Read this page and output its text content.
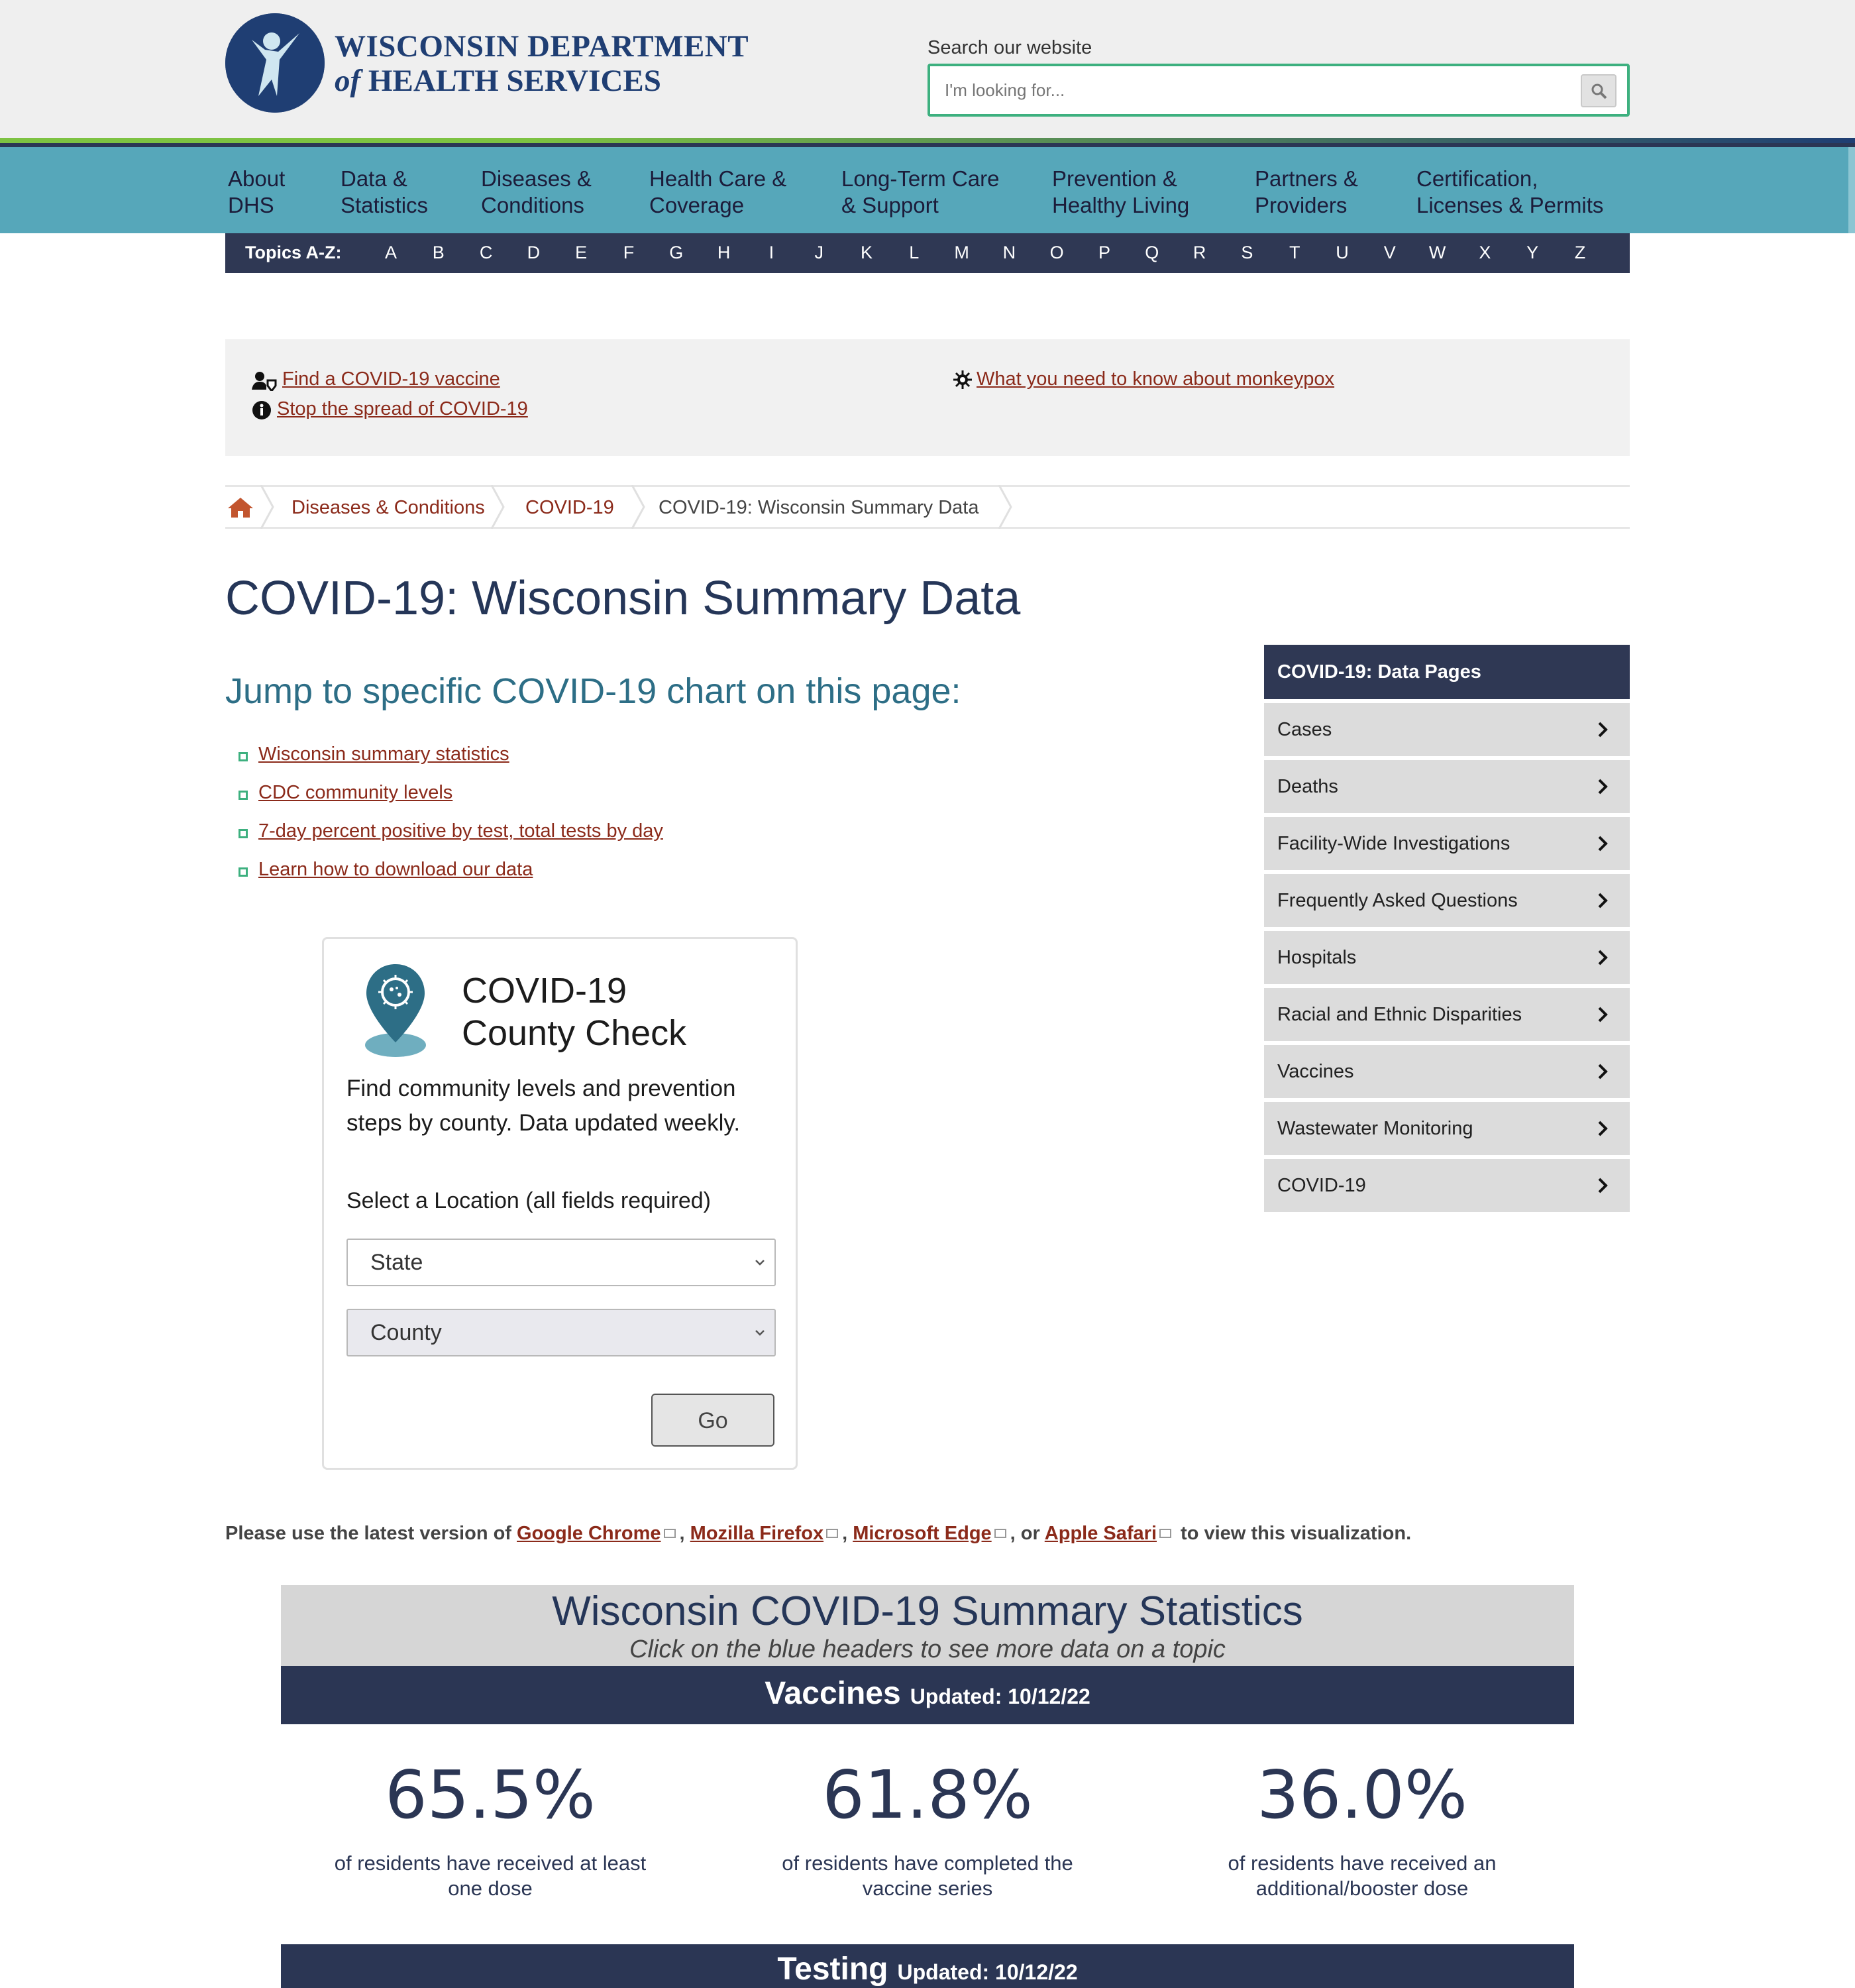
WISCONSIN DEPARTMENT
of HEALTH SERVICES
Search our website
I'm looking for...
About
DHS
Data &
Statistics
Diseases &
Conditions
Health Care &
Coverage
Long-Term Care
& Support
Prevention &
Healthy Living
Partners &
Providers
Certification,
Licenses & Permits
Topics A-Z:	A	B	C	D	E	F	G	H	I	J	K	L	M	N	O	P	Q	R	S	T	U	V	W	X	Y	Z
Find a COVID-19 vaccine
Stop the spread of COVID-19
What you need to know about monkeypox
Diseases & Conditions COVID-19 COVID-19: Wisconsin Summary Data
COVID-19: Wisconsin Summary Data
Jump to specific COVID-19 chart on this page:
Wisconsin summary statistics
CDC community levels
7-day percent positive by test, total tests by day
Learn how to download our data
COVID-19: Data Pages
Cases
Deaths
Facility-Wide Investigations
Frequently Asked Questions
Hospitals
Racial and Ethnic Disparities
Vaccines
Wastewater Monitoring
COVID-19
COVID-19
County Check
Find community levels and prevention steps by county. Data updated weekly.
Select a Location (all fields required)
State
County
Go
Please use the latest version of Google Chrome , Mozilla Firefox , Microsoft Edge , or Apple Safari to view this visualization.
Wisconsin COVID-19 Summary Statistics
Click on the blue headers to see more data on a topic
Vaccines Updated: 10/12/22
65.5%
of residents have received at least
one dose
61.8%
of residents have completed the
vaccine series
36.0%
of residents have received an
additional/booster dose
Testing Updated: 10/12/22
